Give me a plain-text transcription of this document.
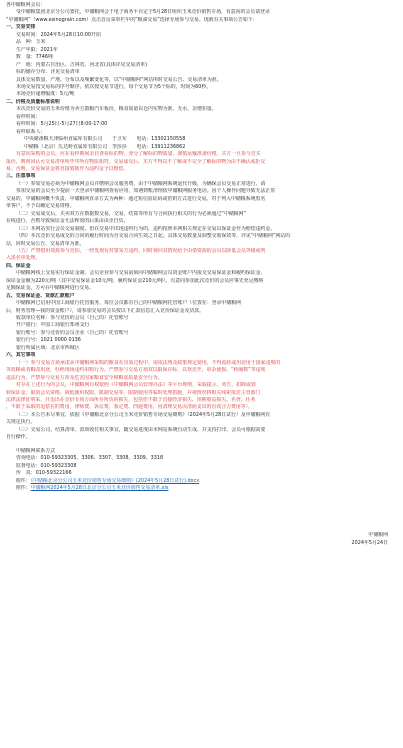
各中储粮网会员：
受中储粮集团北京分公司委托，中储粮网会于电子商务平台定于5月28日组织玉米竞价销售专场，有意向的会员请登录
“中储粮网”（www.esinograin.com）点击首页菜单栏中的“粮油交易”选择专场参与交易。现就有关事项公告如下：
一、交易安排
交易时间：2024年5月28日10:00开拍
品　种：玉米
生产年限：2021年
数　量：7746吨
产　地：内蒙古自治区、吉林省、河北省(具体详见交易清单)
标的储存分布：详见交易清单
具体交易数量、产地、分布以及频繁变化等，以“中储粮网”网站所时交易公告、交易清单为准。
本场交易按交易标的序号顺序，依次按交易节进行，每个交易节为5个标的，时间为60秒。
本场竞价递增幅度：5元/吨
二、价格及质量标准说明
本次竞价交易的玉米价格为卖方散粮汽车板价，粮食质量以仓内实物为准，无水、杂增扣量。
看样时间：
看样时间：5月25日-5月27日8:00-17:00
看样联系人：
中央储备粮天津临州直属库有限公司　　于卫军　　电话：13302150558
中储粮（北京）仄达岭直属库有限公司　李莎莎　　电话：13911236862
有意向采购的会员，应在看样期间亲自查看标的物，充分了解标的物质量，谨慎运输准备价格。买方一旦参与竞买
报价，则视同认可交易清单所毕序所有物质相符。交易成交后，买方不得以不了解或不完全了解标的物为由不确认或拒交
易。否则，交易保证金将直接划拨作为违约金予以赔偿。
三、注意事项
（一）参加交易必须为中储粮网会员并缴纳会员服务费，由于中储粮网系统退代升级，为确保会员交易正常进行，请
参加交易的会员至少提前一天登录中储粮网查看应用，如遇到账清理依中储粮网服务电话。因个人操作问题导致无法正常
交易的，中储粮网概不负责。中储粮网直录方式为两种：通过短信验证码或密钥方式进行交易。对于列入中储粮系统黑名
单客户，不予以确定交易资格。
（二）交易成交后，买卖双方在数据数交易，交易、结算等所有与合同执行相关的行为必须通过“中储粮网”
在线进行，否则导致保证金无法释放的后果由由企自负。
（三）本网站实行会员交易制度，但在交易中出现违约行为的，违约按照本网相关规定在交易以保证金作为赔偿违约金。
（四）本次竞价交易成交的合同的履行时间为自交易合同生效之日起。具体交易数量及调整交收保效等，详见“中储粮网”网站的
站，同时交易公告、交易清单为准。
（五）严禁借用资源参与竞拍，一经发现有对蒙采方违约，同时视同其情况给予由借资源的会员以降低会员等级或列
入黑名单处理。
四、保证金
中储粮网线上交易实行保证金制，会员企业参与交易前须向中储粮网会员资金账户内报交交易保证金和履约保证金，
保证金金额为220元/吨（其中交易保证金10元/吨，履约保证金210元/吨）。有意向参加此次竞价的会员应事先充足缴纳
足额保证金。方可在中储粮网进行交易。
五、交易保证金、货款汇款账户
中储粮网已启用中国工商银行托管服务，每位会员都有自己的中储粮网托管账户（位置在：登录中储粮网
后，财务管理—我的资金账户），请参加交易的会员按以下汇款信息汇入竞价保证金及货款。
收款单位名称：参与竞价的会员（自己的）托管账号
开户银行：中国工商银行郑州支行
银行账号：参与竞价的会员企业（自己的）托管账号
银行行号：1021 0000 0136
银行所属区域：北京市西城区
六、其它事项
（一）参与交易方须承诺从中储粮网采购的粮食在出质过程中，需依法规及政策规定使用，不得流转或用途用于国家违规的
等改粮或者粮改用途，杜绝现场违约串购行为，严禁参与交易方须双以取保存标，以欢竞开、串杂使损、“转圈数”等违规
违法行为，严禁参与交易方涉及危害国家粮食安全和粮食质量安全行为。
对存在上述行为的会员，中储粮网有权依照《中储粮网会员管理办法》等平台规则，采取提示、劝告、扣除或划
转保证金、取消会员资格、降低使用权限、限制交易等、限制使用等临时处理措施，并视情况将相关线索报送主管部门
法律法律征明采，并追出在竞价专项方面所存所负的损失，包括但不限于直接经济损失、预期收益损失、名誉、任务
，不限于采取的追偿在的费用，律师费、诉讼费、鉴定费、四通费用，因清理交易决清而支出的有效合力费用等）。
（二）本公告未尽事宜，依据《中储粮北京分公司玉米竞价销售专场交易细则》（2024年5月28日试行）及中储粮网有
关规定执行。
（三）交易公司、结算清单、款项收付相关事宜，随交易进度由本网站系统自动生成，并支持打印，会员可根据需要
自行操作。
中储粮网联系方式
咨询电话：010-59323305、3306、3307、3308、3309、3318
监督电话：010-59323308
传　真：010-59322166
附件：《中储粮北京分公司玉米竞价销售专场交易细则》(2024年5月28日试行).docx
附件：中储粮网2024年5月28日北京分公司玉米竞价销售交易清单.xls
中储粮网
2024年5月24日
